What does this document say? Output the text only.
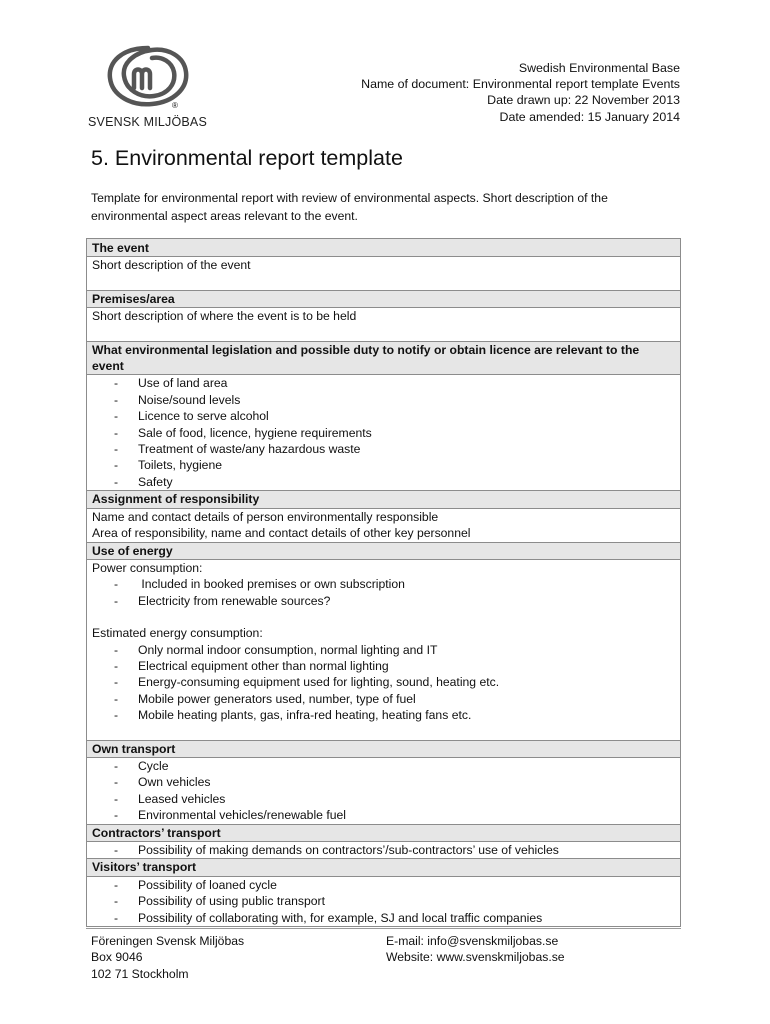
®
SVENSK MILJÖBAS
Swedish Environmental Base
Name of document: Environmental report template Events
Date drawn up: 22 November 2013
Date amended: 15 January 2014
5. Environmental report template

Template for environmental report with review of environmental aspects. Short description of the environmental aspect areas relevant to the event.

The event

Short description of the event

Premises/area

Short description of where the event is to be held

What environmental legislation and possible duty to notify or obtain licence are relevant to the event

- Use of land area
- Noise/sound levels
- Licence to serve alcohol
- Sale of food, licence, hygiene requirements
- Treatment of waste/any hazardous waste
- Toilets, hygiene
- Safety

Assignment of responsibility

Name and contact details of person environmentally responsible
Area of responsibility, name and contact details of other key personnel

Use of energy

Power consumption:
- Included in booked premises or own subscription
- Electricity from renewable sources?
Estimated energy consumption:
- Only normal indoor consumption, normal lighting and IT
- Electrical equipment other than normal lighting
- Energy-consuming equipment used for lighting, sound, heating etc.
- Mobile power generators used, number, type of fuel
- Mobile heating plants, gas, infra-red heating, heating fans etc.

Own transport

- Cycle
- Own vehicles
- Leased vehicles
- Environmental vehicles/renewable fuel

Contractors’ transport

- Possibility of making demands on contractors’/sub-contractors’ use of vehicles

Visitors’ transport

- Possibility of loaned cycle
- Possibility of using public transport
- Possibility of collaborating with, for example, SJ and local traffic companies
Föreningen Svensk Miljöbas
Box 9046
102 71 Stockholm
E-mail: info@svenskmiljobas.se
Website: www.svenskmiljobas.se
